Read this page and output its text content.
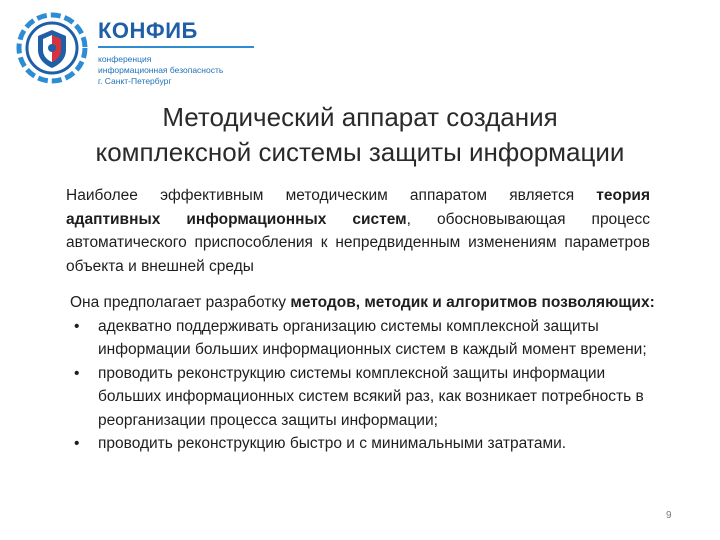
КОНФИБ
конференция
информационная безопасность
г. Санкт-Петербург
Методический аппарат создания
комплексной системы защиты информации
Наиболее эффективным методическим аппаратом является теория адаптивных информационных систем, обосновывающая процесс автоматического приспособления к непредвиденным изменениям параметров объекта и внешней среды
Она предполагает разработку методов, методик и алгоритмов позволяющих:
• адекватно поддерживать организацию системы комплексной защиты информации больших информационных систем в каждый момент времени;
• проводить реконструкцию системы комплексной защиты информации больших информационных систем всякий раз, как возникает потребность в реорганизации процесса защиты информации;
• проводить реконструкцию быстро и с минимальными затратами.
9
